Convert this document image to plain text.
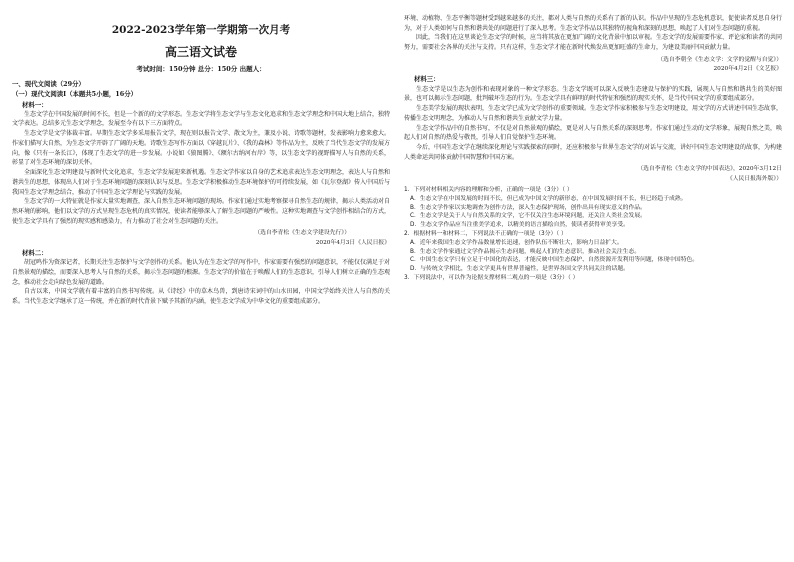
2022-2023学年第一学期第一次月考

高三语文试卷

考试时间：150分钟 总分：150分 出题人：

一、现代文阅读（29分）

（一）现代文阅读Ⅰ（本题共5小题，16分）

材料一：

生态文学在中国发展的时间不长，但是一个新的的文学形态。生态文学将生态文学与生态文化追求和生态文学理念和中国大地上结合，独特文学表达。总结多元生态文学理念，发展至今有以下三方面特点。

生态文学是文学体裁丰富。早期生态文学多采用报告文学，现在则以报告文学、散文为主，兼及小说、诗歌等题材，发表影响力愈来愈大。作家们描写大自然，为生态文学开辟了广阔的天地。诗歌生态写作方面以《穿越瓦片》、《我的森林》等作品为主，反映了当代生态文学的发展方向，像《只有一条长江》，体现了生态文学的进一步发展。小说如《狼图腾》、《额尔古纳河右岸》等，以生态文学的视野描写人与自然的关系，彰显了对生态环境的深切关怀。

全面深化生态文明建设与新时代文化追求，生态文学发展迎来新机遇。生态文学作家以自身的艺术追求表达生态文明理念，表达人与自然和谐共生的思想，体现出人们对于生态环境问题的深刻认识与反思。生态文学积极推动生态环境保护的可持续发展，如《瓦尔登湖》传入中国后与我国生态文学理念结合，推动了中国生态文学理论与实践的发展。

生态文学的一大特征就是作家大量实地调查，深入自然生态环境问题的现场。作家们通过实地考察探寻自然生态的规律，揭示人类活动对自然环境的影响，他们以文学的方式呈现生态危机的真实情况，使读者能够深入了解生态问题的严峻性。这种实地调查与文学创作相结合的方式，使生态文学具有了强烈的现实感和感染力，有力推动了社会对生态问题的关注。

（选自李青松《生态文学建设先行》）

2020年4月3日《人民日报》

材料二：

胡冠鸣作为资深记者，长期关注生态保护与文学创作的关系。他认为在生态文学的写作中，作家需要有强烈的问题意识，不能仅仅满足于对自然景观的描绘，而要深入思考人与自然的关系，揭示生态问题的根源。生态文学的价值在于唤醒人们的生态意识，引导人们树立正确的生态观念，推动社会走向绿色发展的道路。

自古以来，中国文学就有着丰富的自然书写传统。从《诗经》中的草木鸟兽，到唐诗宋词中的山水田园，中国文学始终关注人与自然的关系。当代生态文学继承了这一传统，并在新的时代背景下赋予其新的内涵，使生态文学成为中华文化的重要组成部分。

环境、动植物、生态平衡等题材受到越来越多的关注，都对人类与自然的关系有了新的认识。作品中呈现的生态危机意识，促使读者反思自身行为，对于人类如何与自然和谐共处的问题进行了深入思考。生态文学作品以其独特的视角和深刻的思想，唤起了人们对生态问题的重视。

因此，当我们在这里谈论生态文学的时候，应当将其放在更加广阔的文化背景中加以审视。生态文学的发展需要作家、评论家和读者的共同努力，需要社会各界的关注与支持。只有这样，生态文学才能在新时代焕发出更加旺盛的生命力，为建设美丽中国贡献力量。

（选自李朝全《生态文学：文学的觉醒与自觉》）

2020年4月2日《文艺报》

材料三：

生态文学是以生态为创作和表现对象的一种文学形态。生态文学既可以深入反映生态建设与保护的实践，展现人与自然和谐共生的美好图景，也可以揭示生态问题，批判破坏生态的行为。生态文学具有鲜明的时代特征和强烈的现实关怀，是当代中国文学的重要组成部分。

生态美学发展的现状表明，生态文学已成为文学创作的重要领域。生态文学作家积极参与生态文明建设，用文学的方式讲述中国生态故事，传播生态文明理念，为推动人与自然和谐共生贡献文学力量。

生态文学作品中的自然书写，不仅是对自然景观的描绘，更是对人与自然关系的深刻思考。作家们通过生动的文学形象，展现自然之美，唤起人们对自然的热爱与敬畏，引导人们自觉保护生态环境。

今后，中国生态文学在继续深化理论与实践探索的同时，还应积极参与世界生态文学的对话与交流，讲好中国生态文明建设的故事，为构建人类命运共同体贡献中国智慧和中国方案。

（选自李青松《生态文学的中国表达》，2020年3月12日

《人民日报海外版》）

1．下列对材料相关内容的理解和分析，正确的一项是（3分）（ ）

A．生态文学在中国发展的时间不长，但已成为中国文学的新形态，在中国发展时间不长，但已经趋于成熟。

B．生态文学作家以实地调查为创作方法，深入生态保护现场，创作出具有现实意义的作品。

C．生态文学是关于人与自然关系的文学，它不仅关注生态环境问题，还关注人类社会发展。

D．生态文学作品应当注重美学追求，以精美的语言描绘自然，使读者获得审美享受。

2．根据材料一和材料二，下列说法不正确的一项是（3分）（ ）

A．近年来我国生态文学作品数量增长迅速，创作队伍不断壮大，影响力日益扩大。

B．生态文学作家通过文学作品揭示生态问题，唤起人们的生态意识，推动社会关注生态。

C．中国生态文学只有立足于中国化的表达，才能反映中国生态保护、自然资源开发利用等问题，体现中国特色。

D．与传统文学相比，生态文学更具有世界普遍性，是世界各国文学共同关注的话题。

3．下列说法中，可以作为论据支撑材料二观点的一项是（3分）（ ）
